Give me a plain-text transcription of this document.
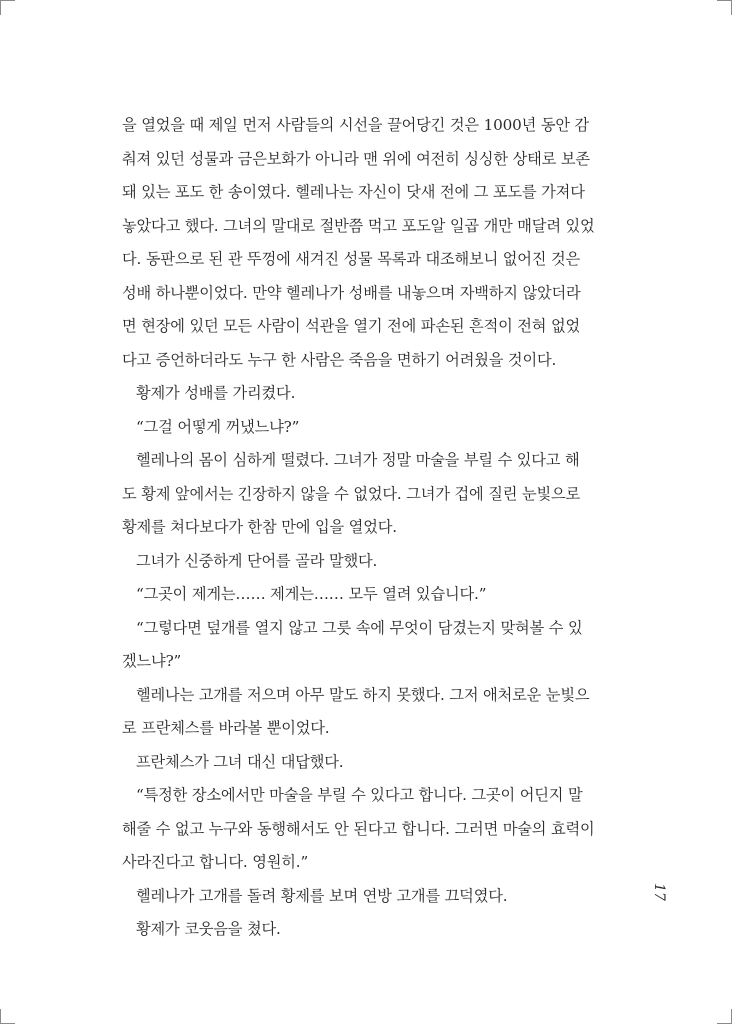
을 열었을 때 제일 먼저 사람들의 시선을 끌어당긴 것은 1000년 동안 감
춰져 있던 성물과 금은보화가 아니라 맨 위에 여전히 싱싱한 상태로 보존
돼 있는 포도 한 송이였다. 헬레나는 자신이 닷새 전에 그 포도를 가져다
놓았다고 했다. 그녀의 말대로 절반쯤 먹고 포도알 일곱 개만 매달려 있었
다. 동판으로 된 관 뚜껑에 새겨진 성물 목록과 대조해보니 없어진 것은
성배 하나뿐이었다. 만약 헬레나가 성배를 내놓으며 자백하지 않았더라
면 현장에 있던 모든 사람이 석관을 열기 전에 파손된 흔적이 전혀 없었
다고 증언하더라도 누구 한 사람은 죽음을 면하기 어려웠을 것이다.
황제가 성배를 가리켰다.
“그걸 어떻게 꺼냈느냐?”
헬레나의 몸이 심하게 떨렸다. 그녀가 정말 마술을 부릴 수 있다고 해
도 황제 앞에서는 긴장하지 않을 수 없었다. 그녀가 겁에 질린 눈빛으로
황제를 쳐다보다가 한참 만에 입을 열었다.
그녀가 신중하게 단어를 골라 말했다.
“그곳이 제게는…… 제게는…… 모두 열려 있습니다.”
“그렇다면 덮개를 열지 않고 그릇 속에 무엇이 담겼는지 맞혀볼 수 있
겠느냐?”
헬레나는 고개를 저으며 아무 말도 하지 못했다. 그저 애처로운 눈빛으
로 프란체스를 바라볼 뿐이었다.
프란체스가 그녀 대신 대답했다.
“특정한 장소에서만 마술을 부릴 수 있다고 합니다. 그곳이 어딘지 말
해줄 수 없고 누구와 동행해서도 안 된다고 합니다. 그러면 마술의 효력이
사라진다고 합니다. 영원히.”
헬레나가 고개를 돌려 황제를 보며 연방 고개를 끄덕였다.
황제가 코웃음을 쳤다.
17
